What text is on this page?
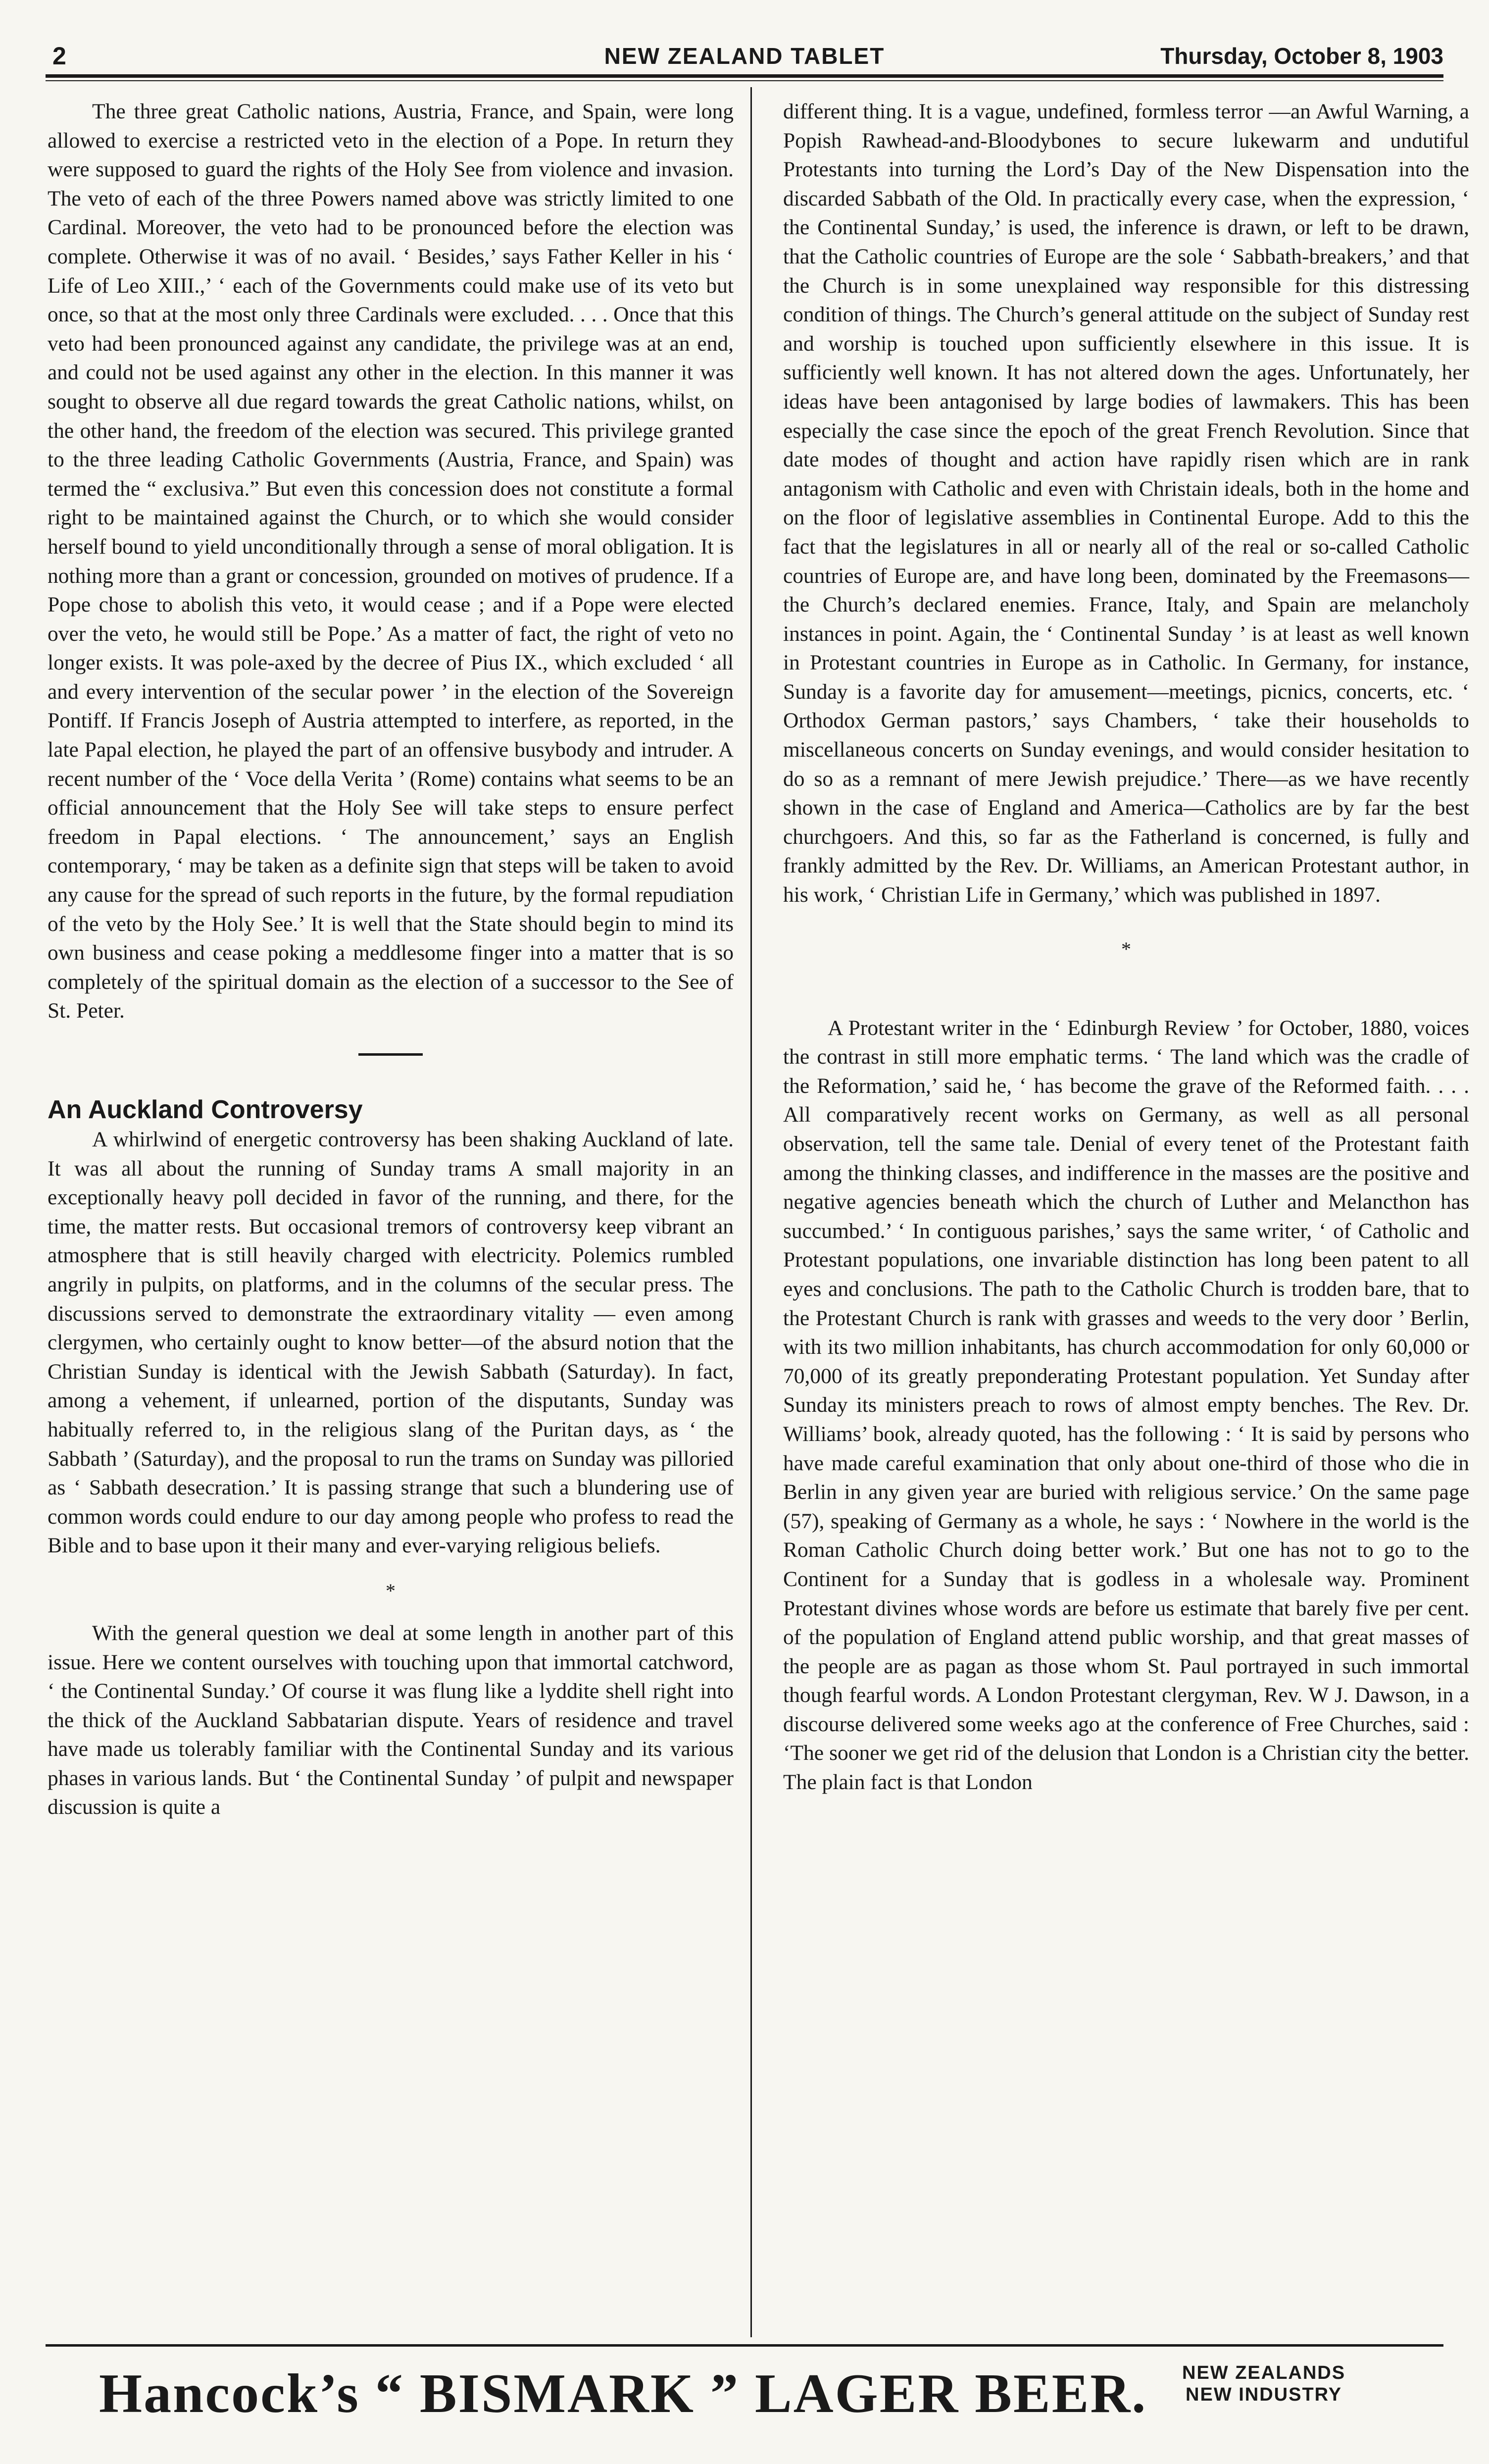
2	NEW ZEALAND TABLET	Thursday, October 8, 1903

The three great Catholic nations, Austria, France, and Spain, were long allowed to exercise a restricted veto in the election of a Pope. In return they were supposed to guard the rights of the Holy See from violence and invasion. The veto of each of the three Powers named above was strictly limited to one Cardinal. Moreover, the veto had to be pronounced before the election was complete. Otherwise it was of no avail. ‘ Besides,’ says Father Keller in his ‘ Life of Leo XIII.,’ ‘ each of the Governments could make use of its veto but once, so that at the most only three Cardinals were excluded. . . . Once that this veto had been pronounced against any candidate, the privilege was at an end, and could not be used against any other in the election. In this manner it was sought to observe all due regard towards the great Catholic nations, whilst, on the other hand, the freedom of the election was secured. This privilege granted to the three leading Catholic Governments (Austria, France, and Spain) was termed the “ exclusiva.” But even this concession does not constitute a formal right to be maintained against the Church, or to which she would consider herself bound to yield unconditionally through a sense of moral obligation. It is nothing more than a grant or concession, grounded on motives of prudence. If a Pope chose to abolish this veto, it would cease ; and if a Pope were elected over the veto, he would still be Pope.’ As a matter of fact, the right of veto no longer exists. It was pole-axed by the decree of Pius IX., which excluded ‘ all and every intervention of the secular power ’ in the election of the Sovereign Pontiff. If Francis Joseph of Austria attempted to interfere, as reported, in the late Papal election, he played the part of an offensive busybody and intruder. A recent number of the ‘ Voce della Verita ’ (Rome) contains what seems to be an official announcement that the Holy See will take steps to ensure perfect freedom in Papal elections. ‘ The announcement,’ says an English contemporary, ‘ may be taken as a definite sign that steps will be taken to avoid any cause for the spread of such reports in the future, by the formal repudiation of the veto by the Holy See.’ It is well that the State should begin to mind its own business and cease poking a meddlesome finger into a matter that is so completely of the spiritual domain as the election of a successor to the See of St. Peter.

An Auckland Controversy

A whirlwind of energetic controversy has been shaking Auckland of late. It was all about the running of Sunday trams A small majority in an exceptionally heavy poll decided in favor of the running, and there, for the time, the matter rests. But occasional tremors of controversy keep vibrant an atmosphere that is still heavily charged with electricity. Polemics rumbled angrily in pulpits, on platforms, and in the columns of the secular press. The discussions served to demonstrate the extraordinary vitality — even among clergymen, who certainly ought to know better—of the absurd notion that the Christian Sunday is identical with the Jewish Sabbath (Saturday). In fact, among a vehement, if unlearned, portion of the disputants, Sunday was habitually referred to, in the religious slang of the Puritan days, as ‘ the Sabbath ’ (Saturday), and the proposal to run the trams on Sunday was pilloried as ‘ Sabbath desecration.’ It is passing strange that such a blundering use of common words could endure to our day among people who profess to read the Bible and to base upon it their many and ever-varying religious beliefs.

*

With the general question we deal at some length in another part of this issue. Here we content ourselves with touching upon that immortal catchword, ‘ the Continental Sunday.’ Of course it was flung like a lyddite shell right into the thick of the Auckland Sabbatarian dispute. Years of residence and travel have made us tolerably familiar with the Continental Sunday and its various phases in various lands. But ‘ the Continental Sunday ’ of pulpit and newspaper discussion is quite a

different thing. It is a vague, undefined, formless terror —an Awful Warning, a Popish Rawhead-and-Bloodybones to secure lukewarm and undutiful Protestants into turning the Lord’s Day of the New Dispensation into the discarded Sabbath of the Old. In practically every case, when the expression, ‘ the Continental Sunday,’ is used, the inference is drawn, or left to be drawn, that the Catholic countries of Europe are the sole ‘ Sabbath-breakers,’ and that the Church is in some unexplained way responsible for this distressing condition of things. The Church’s general attitude on the subject of Sunday rest and worship is touched upon sufficiently elsewhere in this issue. It is sufficiently well known. It has not altered down the ages. Unfortunately, her ideas have been antagonised by large bodies of lawmakers. This has been especially the case since the epoch of the great French Revolution. Since that date modes of thought and action have rapidly risen which are in rank antagonism with Catholic and even with Christain ideals, both in the home and on the floor of legislative assemblies in Continental Europe. Add to this the fact that the legislatures in all or nearly all of the real or so-called Catholic countries of Europe are, and have long been, dominated by the Freemasons—the Church’s declared enemies. France, Italy, and Spain are melancholy instances in point. Again, the ‘ Continental Sunday ’ is at least as well known in Protestant countries in Europe as in Catholic. In Germany, for instance, Sunday is a favorite day for amusement—meetings, picnics, concerts, etc. ‘ Orthodox German pastors,’ says Chambers, ‘ take their households to miscellaneous concerts on Sunday evenings, and would consider hesitation to do so as a remnant of mere Jewish prejudice.’ There—as we have recently shown in the case of England and America—Catholics are by far the best churchgoers. And this, so far as the Fatherland is concerned, is fully and frankly admitted by the Rev. Dr. Williams, an American Protestant author, in his work, ‘ Christian Life in Germany,’ which was published in 1897.

*

A Protestant writer in the ‘ Edinburgh Review ’ for October, 1880, voices the contrast in still more emphatic terms. ‘ The land which was the cradle of the Reformation,’ said he, ‘ has become the grave of the Reformed faith. . . . All comparatively recent works on Germany, as well as all personal observation, tell the same tale. Denial of every tenet of the Protestant faith among the thinking classes, and indifference in the masses are the positive and negative agencies beneath which the church of Luther and Melancthon has succumbed.’ ‘ In contiguous parishes,’ says the same writer, ‘ of Catholic and Protestant populations, one invariable distinction has long been patent to all eyes and conclusions. The path to the Catholic Church is trodden bare, that to the Protestant Church is rank with grasses and weeds to the very door ’ Berlin, with its two million inhabitants, has church accommodation for only 60,000 or 70,000 of its greatly preponderating Protestant population. Yet Sunday after Sunday its ministers preach to rows of almost empty benches. The Rev. Dr. Williams’ book, already quoted, has the following : ‘ It is said by persons who have made careful examination that only about one-third of those who die in Berlin in any given year are buried with religious service.’ On the same page (57), speaking of Germany as a whole, he says : ‘ Nowhere in the world is the Roman Catholic Church doing better work.’ But one has not to go to the Continent for a Sunday that is godless in a wholesale way. Prominent Protestant divines whose words are before us estimate that barely five per cent. of the population of England attend public worship, and that great masses of the people are as pagan as those whom St. Paul portrayed in such immortal though fearful words. A London Protestant clergyman, Rev. W J. Dawson, in a discourse delivered some weeks ago at the conference of Free Churches, said : ‘The sooner we get rid of the delusion that London is a Christian city the better. The plain fact is that London

Hancock’s “ BISMARK ” LAGER BEER. NEW ZEALANDS
NEW INDUSTRY
